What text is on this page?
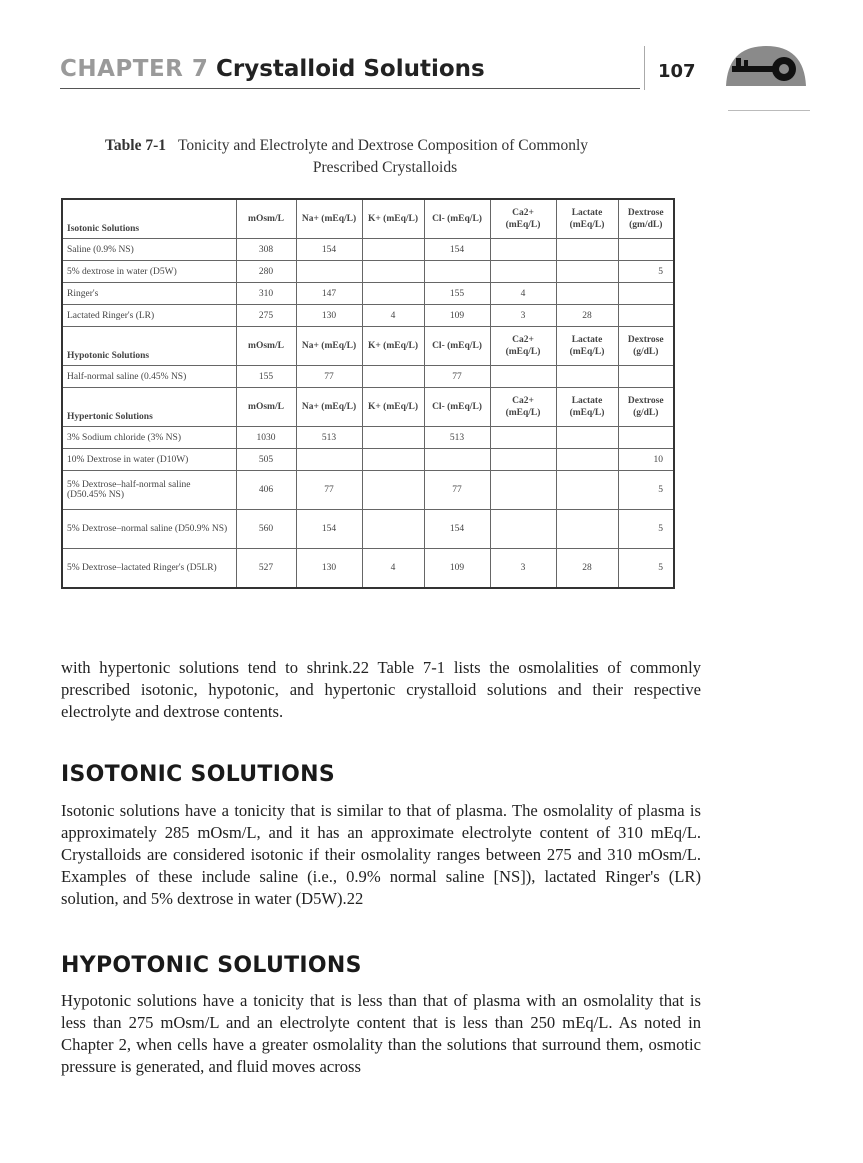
CHAPTER 7 Crystalloid Solutions	107
Table 7-1 Tonicity and Electrolyte and Dextrose Composition of Commonly
Prescribed Crystalloids
Isotonic Solutions	mOsm/L	Na+ (mEq/L)	K+ (mEq/L)	Cl- (mEq/L)	Ca2+ (mEq/L)	Lactate (mEq/L)	Dextrose (gm/dL)
Saline (0.9% NS)	308	154		154			
5% dextrose in water (D5W)	280						5
Ringer's	310	147		155	4		
Lactated Ringer's (LR)	275	130	4	109	3	28	
Hypotonic Solutions	mOsm/L	Na+ (mEq/L)	K+ (mEq/L)	Cl- (mEq/L)	Ca2+ (mEq/L)	Lactate (mEq/L)	Dextrose (g/dL)
Half-normal saline (0.45% NS)	155	77		77			
Hypertonic Solutions	mOsm/L	Na+ (mEq/L)	K+ (mEq/L)	Cl- (mEq/L)	Ca2+ (mEq/L)	Lactate (mEq/L)	Dextrose (g/dL)
3% Sodium chloride (3% NS)	1030	513		513			
10% Dextrose in water (D10W)	505						10
5% Dextrose–half-normal saline (D50.45% NS)	406	77		77			5
5% Dextrose–normal saline (D50.9% NS)	560	154		154			5
5% Dextrose–lactated Ringer's (D5LR)	527	130	4	109	3	28	5
with hypertonic solutions tend to shrink.22 Table 7-1 lists the osmolalities of commonly prescribed isotonic, hypotonic, and hypertonic crystalloid solutions and their respective electrolyte and dextrose contents.
ISOTONIC SOLUTIONS
Isotonic solutions have a tonicity that is similar to that of plasma. The osmolality of plasma is approximately 285 mOsm/L, and it has an approximate electrolyte content of 310 mEq/L. Crystalloids are considered isotonic if their osmolality ranges between 275 and 310 mOsm/L. Examples of these include saline (i.e., 0.9% normal saline [NS]), lactated Ringer's (LR) solution, and 5% dextrose in water (D5W).22
HYPOTONIC SOLUTIONS
Hypotonic solutions have a tonicity that is less than that of plasma with an osmolality that is less than 275 mOsm/L and an electrolyte content that is less than 250 mEq/L. As noted in Chapter 2, when cells have a greater osmolality than the solutions that surround them, osmotic pressure is generated, and fluid moves across
